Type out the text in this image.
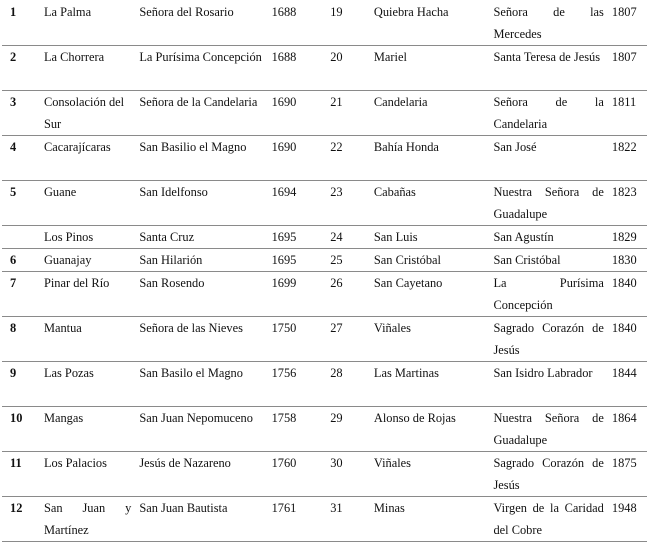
1	La Palma	Señora del Rosario	1688	19	Quiebra Hacha	Señora de las Mercedes	1807
2	La Chorrera	La Purísima Concepción	1688	20	Mariel	Santa Teresa de Jesús	1807
3	Consolación del Sur	Señora de la Candelaria	1690	21	Candelaria	Señora de la Candelaria	1811
4	Cacarajícaras	San Basilio el Magno	1690	22	Bahía Honda	San José	1822
5	Guane	San Idelfonso	1694	23	Cabañas	Nuestra Señora de Guadalupe	1823
	Los Pinos	Santa Cruz	1695	24	San Luis	San Agustín	1829
6	Guanajay	San Hilarión	1695	25	San Cristóbal	San Cristóbal	1830
7	Pinar del Río	San Rosendo	1699	26	San Cayetano	La Purísima Concepción	1840
8	Mantua	Señora de las Nieves	1750	27	Viñales	Sagrado Corazón de Jesús	1840
9	Las Pozas	San Basilo el Magno	1756	28	Las Martinas	San Isidro Labrador	1844
10	Mangas	San Juan Nepomuceno	1758	29	Alonso de Rojas	Nuestra Señora de Guadalupe	1864
11	Los Palacios	Jesús de Nazareno	1760	30	Viñales	Sagrado Corazón de Jesús	1875
12	San Juan y Martínez	San Juan Bautista	1761	31	Minas	Virgen de la Caridad del Cobre	1948
